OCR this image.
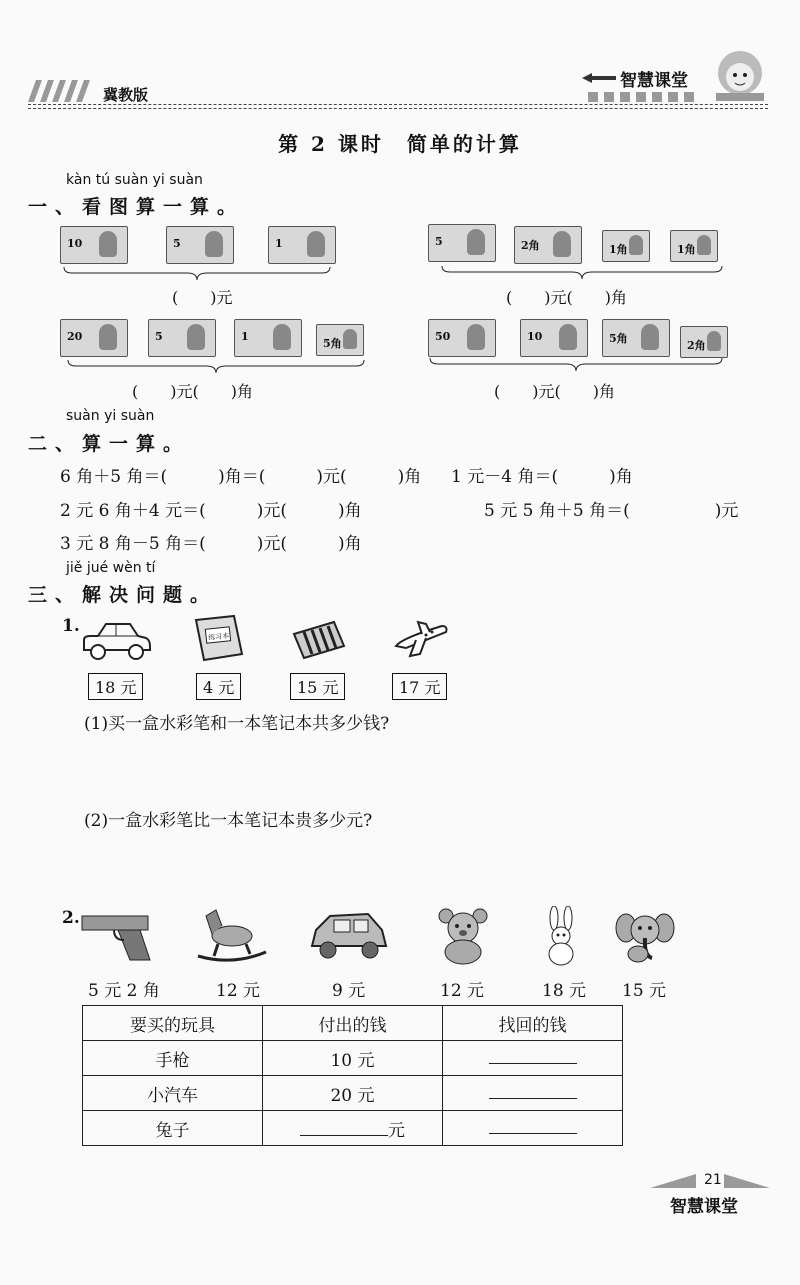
冀教版
智慧课堂
第 2 课时　简单的计算
kàn tú suàn yi suàn
一、看图算一算。
10	5	1
(　　)元
5	2角	1角	1角
(　　)元(　　)角
20	5	1
5角
(　　)元(　　)角
50	10	5角
2角
(　　)元(　　)角
suàn yi suàn
二、算一算。
6 角＋5 角＝(　　　)角＝(　　　)元(　　　)角 1 元－4 角＝(　　　)角
2 元 6 角＋4 元＝(　　　)元(　　　)角	5 元 5 角＋5 角＝(　　　　　)元
3 元 8 角－5 角＝(　　　)元(　　　)角
jiě jué wèn tí
三、解决问题。
1.
练习本
18 元	4 元	15 元	17 元
(1)买一盒水彩笔和一本笔记本共多少钱?
(2)一盒水彩笔比一本笔记本贵多少元?
2.
5 元 2 角	12 元	9 元	12 元	18 元 15 元
要买的玩具	付出的钱	找回的钱
手枪	10 元	
小汽车	20 元	
兔子	元	
21
智慧课堂
